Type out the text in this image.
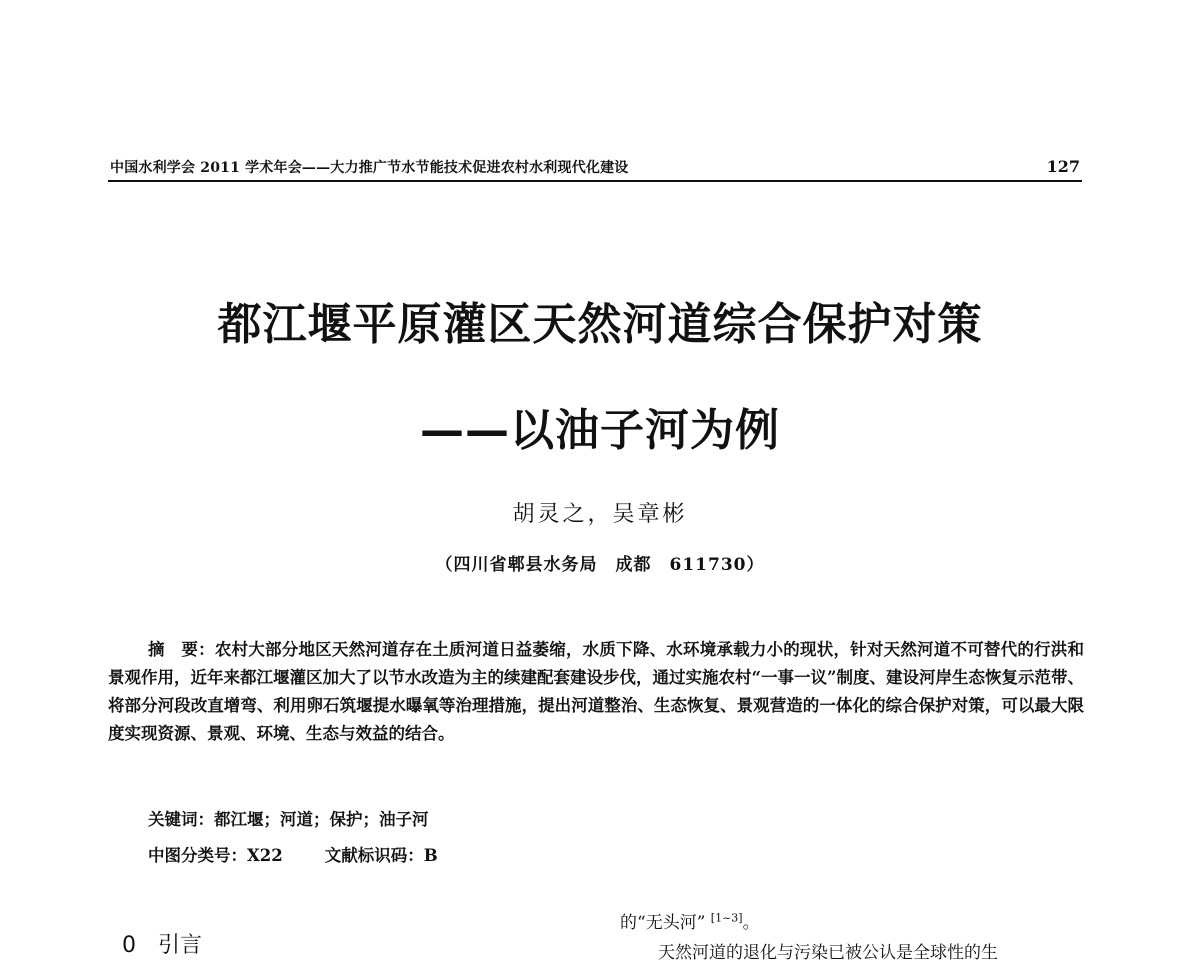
中国水利学会 2011 学术年会——大力推广节水节能技术促进农村水利现代化建设	127
都江堰平原灌区天然河道综合保护对策
——以油子河为例
胡灵之，吴章彬
（四川省郫县水务局　成都　611730）
摘　要：农村大部分地区天然河道存在土质河道日益萎缩，水质下降、水环境承载力小的现状，针对天然河道不可替代的行洪和景观作用，近年来都江堰灌区加大了以节水改造为主的续建配套建设步伐，通过实施农村“一事一议”制度、建设河岸生态恢复示范带、将部分河段改直增弯、利用卵石筑堰提水曝氧等治理措施，提出河道整治、生态恢复、景观营造的一体化的综合保护对策，可以最大限度实现资源、景观、环境、生态与效益的结合。
关键词：都江堰；河道；保护；油子河
中图分类号：X22	文献标识码：B
0　引言
的“无头河” [1~3]。
天然河道的退化与污染已被公认是全球性的生
